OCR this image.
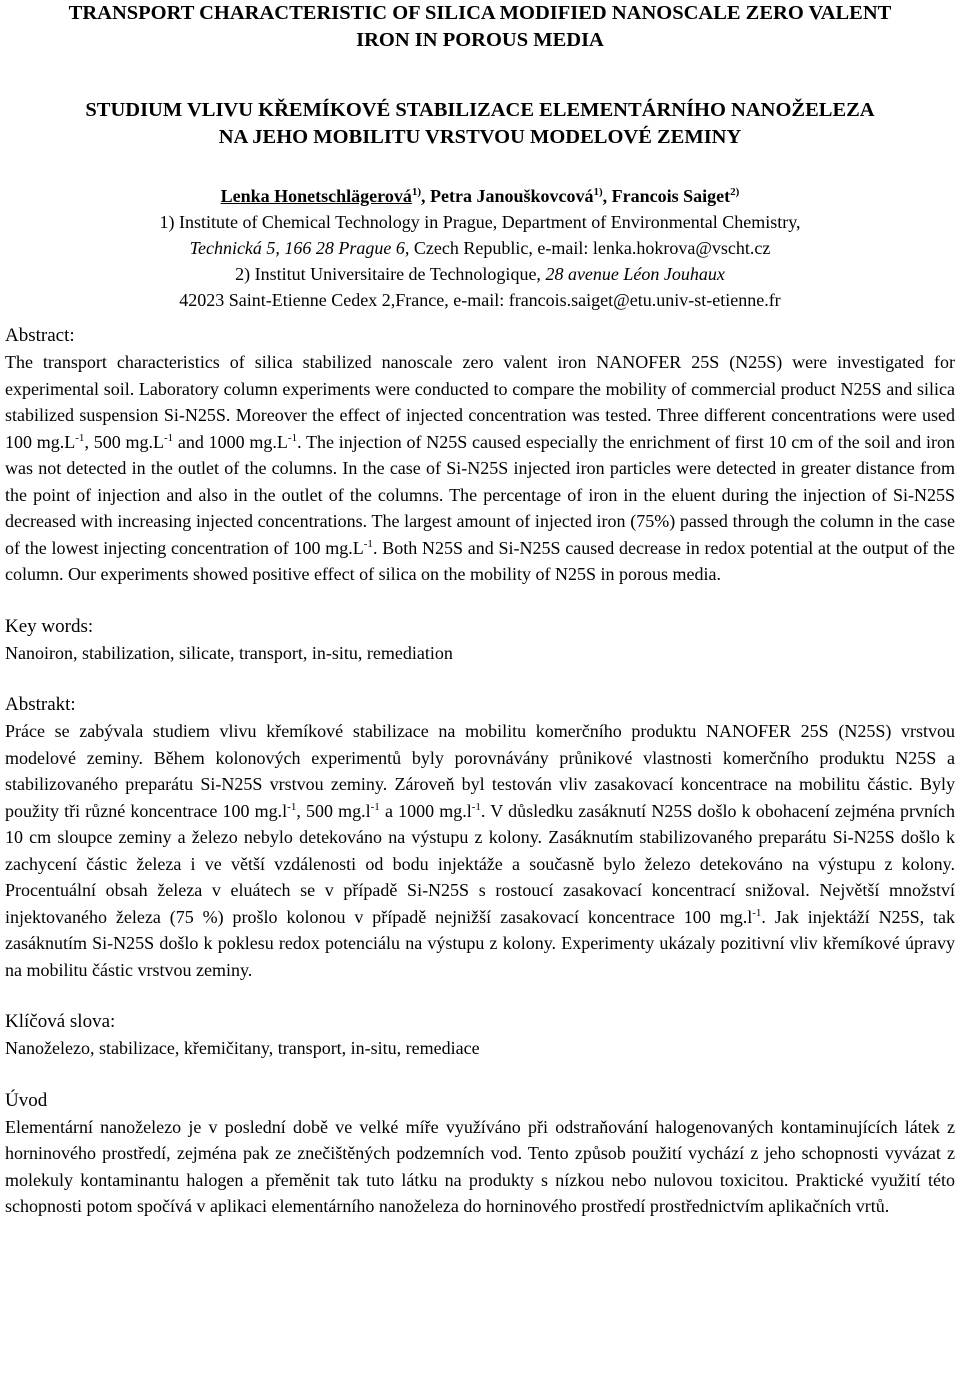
TRANSPORT CHARACTERISTIC OF SILICA MODIFIED NANOSCALE ZERO VALENT
IRON IN POROUS MEDIA
STUDIUM VLIVU KŘEMÍKOVÉ STABILIZACE ELEMENTÁRNÍHO NANOŽELEZA
NA JEHO MOBILITU VRSTVOU MODELOVÉ ZEMINY
Lenka Honetschlägerová$^{1)}$, Petra Janouškovcová$^{1)}$, Francois Saiget$^{2)}$
1) Institute of Chemical Technology in Prague, Department of Environmental Chemistry,
Technická 5, 166 28 Prague 6, Czech Republic, e-mail: lenka.hokrova@vscht.cz
2) Institut Universitaire de Technologique, 28 avenue Léon Jouhaux
42023 Saint-Etienne Cedex 2,France, e-mail: francois.saiget@etu.univ-st-etienne.fr
Abstract:

The transport characteristics of silica stabilized nanoscale zero valent iron NANOFER 25S (N25S) were investigated for experimental soil. Laboratory column experiments were conducted to compare the mobility of commercial product N25S and silica stabilized suspension Si-N25S. Moreover the effect of injected concentration was tested. Three different concentrations were used 100 $mg.L^{-1}$, 500 $mg.L^{-1}$ and 1000 $mg.L^{-1}$. The injection of N25S caused especially the enrichment of first 10 cm of the soil and iron was not detected in the outlet of the columns. In the case of Si-N25S injected iron particles were detected in greater distance from the point of injection and also in the outlet of the columns. The percentage of iron in the eluent during the injection of Si-N25S decreased with increasing injected concentrations. The largest amount of injected iron (75%) passed through the column in the case of the lowest injecting concentration of 100 $mg.L^{-1}$. Both N25S and Si-N25S caused decrease in redox potential at the output of the column. Our experiments showed positive effect of silica on the mobility of N25S in porous media.

Key words:

Nanoiron, stabilization, silicate, transport, in-situ, remediation

Abstrakt:

Práce se zabývala studiem vlivu křemíkové stabilizace na mobilitu komerčního produktu NANOFER 25S (N25S) vrstvou modelové zeminy. Během kolonových experimentů byly porovnávány průnikové vlastnosti komerčního produktu N25S a stabilizovaného preparátu Si-N25S vrstvou zeminy. Zároveň byl testován vliv zasakovací koncentrace na mobilitu částic. Byly použity tři různé koncentrace 100 $mg.l^{-1}$, 500 $mg.l^{-1}$ a 1000 $mg.l^{-1}$. V důsledku zasáknutí N25S došlo k obohacení zejména prvních 10 cm sloupce zeminy a železo nebylo detekováno na výstupu z kolony. Zasáknutím stabilizovaného preparátu Si-N25S došlo k zachycení částic železa i ve větší vzdálenosti od bodu injektáže a současně bylo železo detekováno na výstupu z kolony. Procentuální obsah železa v eluátech se v případě Si-N25S s rostoucí zasakovací koncentrací snižoval. Největší množství injektovaného železa (75 %) prošlo kolonou v případě nejnižší zasakovací koncentrace 100 $mg.l^{-1}$. Jak injektáží N25S, tak zasáknutím Si-N25S došlo k poklesu redox potenciálu na výstupu z kolony. Experimenty ukázaly pozitivní vliv křemíkové úpravy na mobilitu částic vrstvou zeminy.

Klíčová slova:

Nanoželezo, stabilizace, křemičitany, transport, in-situ, remediace

Úvod

Elementární nanoželezo je v poslední době ve velké míře využíváno při odstraňování halogenovaných kontaminujících látek z horninového prostředí, zejména pak ze znečištěných podzemních vod. Tento způsob použití vychází z jeho schopnosti vyvázat z molekuly kontaminantu halogen a přeměnit tak tuto látku na produkty s nízkou nebo nulovou toxicitou. Praktické využití této schopnosti potom spočívá v aplikaci elementárního nanoželeza do horninového prostředí prostřednictvím aplikačních vrtů.
